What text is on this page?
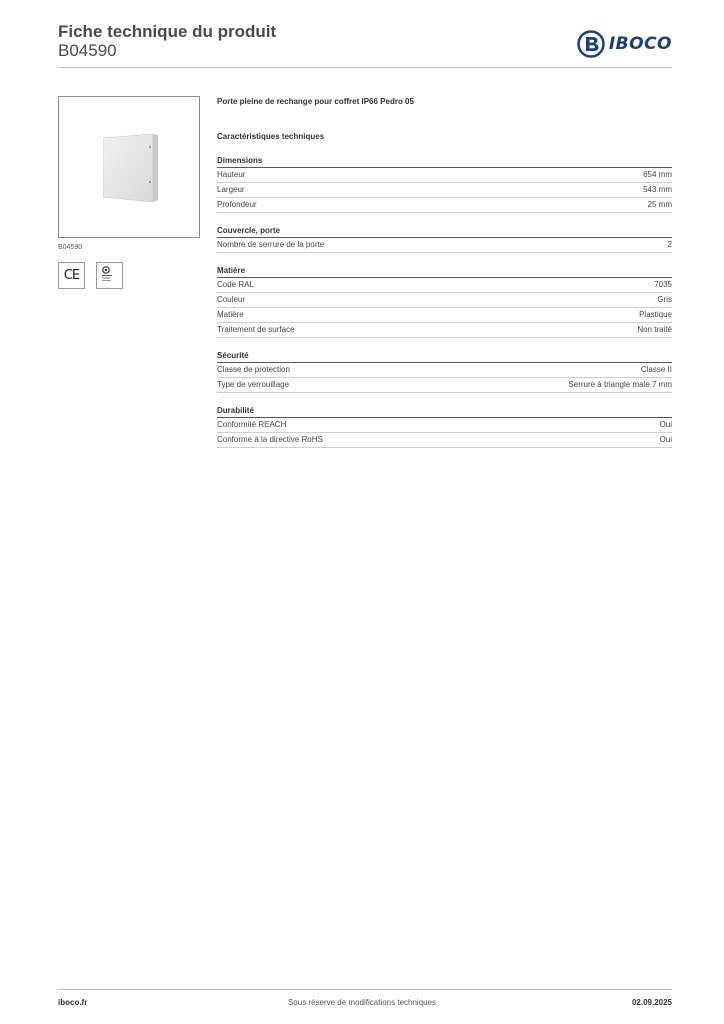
Fiche technique du produit
B04590	IBOCO
B04590
CE
Porte pleine de rechange pour coffret IP66 Pedro 05
Caractéristiques techniques
Dimensions
Hauteur	654 mm
Largeur	543 mm
Profondeur	25 mm
Couvercle, porte
Nombre de serrure de la porte	2
Matière
Code RAL	7035
Couleur	Gris
Matière	Plastique
Traitement de surface	Non traité
Sécurité
Classe de protection	Classe II
Type de verrouillage	Serrure à triangle male 7 mm
Durabilité
Conformité REACH	Oui
Conforme à la directive RoHS	Oui
iboco.fr	Sous réserve de modifications techniques	02.09.2025
